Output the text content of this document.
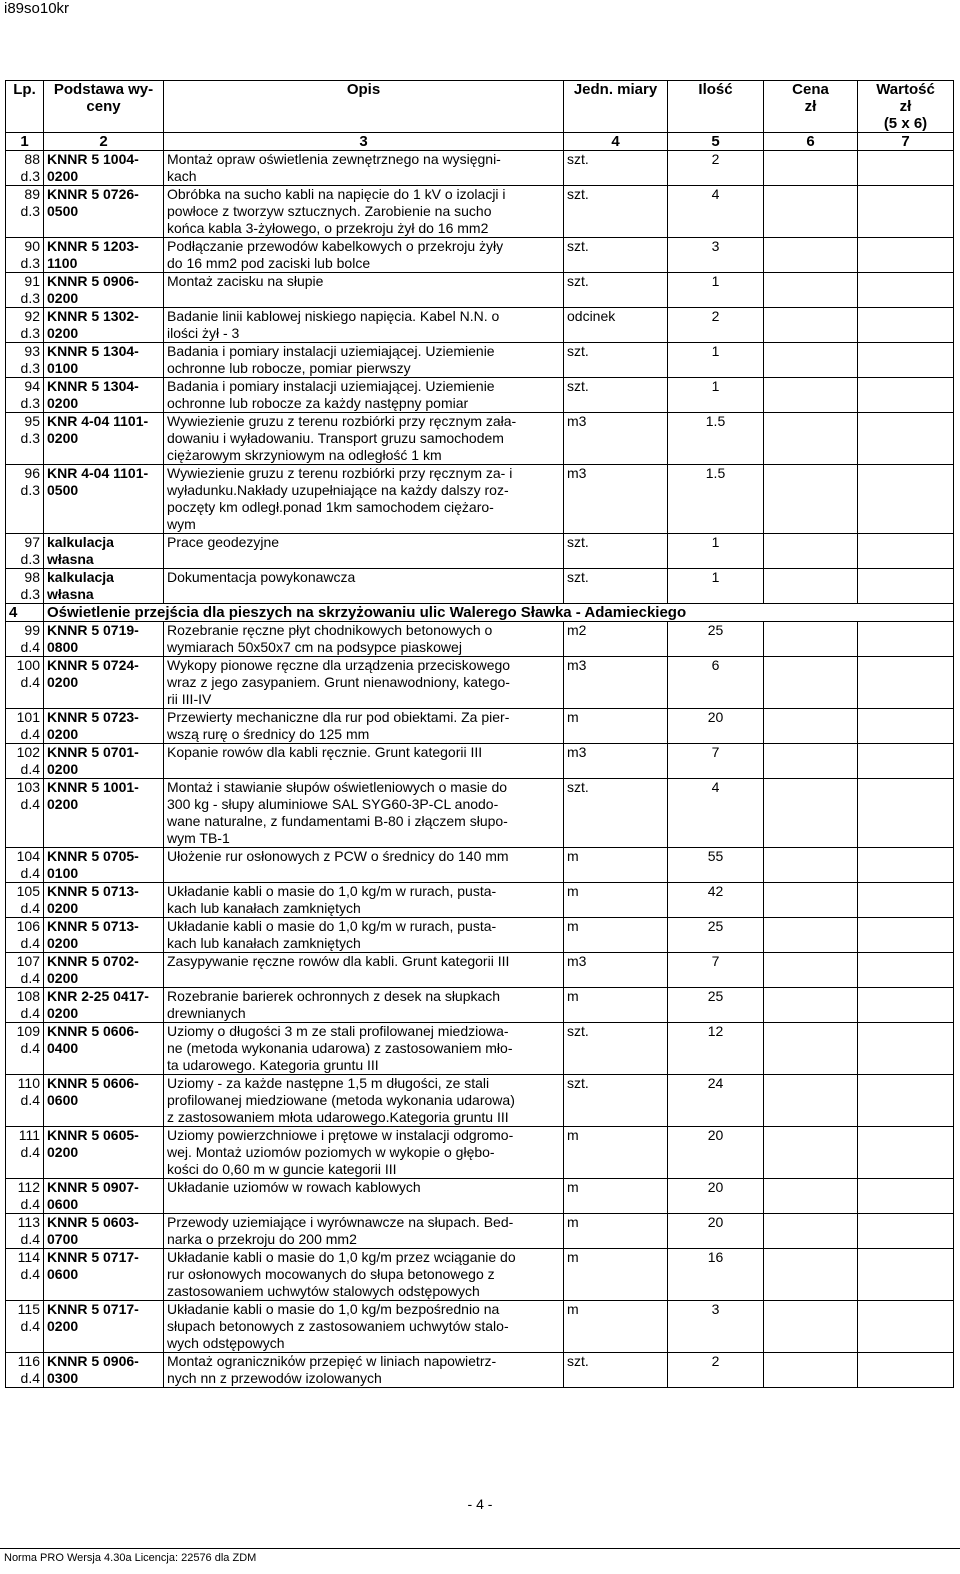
i89so10kr
Lp.	Podstawa wy-
ceny	Opis	Jedn. miary	Ilość	Cena
zł	Wartość
zł
(5 x 6)
1	2	3	4	5	6	7
88
d.3	KNNR 5 1004-
0200	Montaż opraw oświetlenia zewnętrznego na wysięgni-
kach	szt.	2		
89
d.3	KNNR 5 0726-
0500	Obróbka na sucho kabli na napięcie do 1 kV o izolacji i
powłoce z tworzyw sztucznych. Zarobienie na sucho
końca kabla 3-żyłowego, o przekroju żył do 16 mm2	szt.	4		
90
d.3	KNNR 5 1203-
1100	Podłączanie przewodów kabelkowych o przekroju żyły
do 16 mm2 pod zaciski lub bolce	szt.	3		
91
d.3	KNNR 5 0906-
0200	Montaż zacisku na słupie	szt.	1		
92
d.3	KNNR 5 1302-
0200	Badanie linii kablowej niskiego napięcia. Kabel N.N. o
ilości żył - 3	odcinek	2		
93
d.3	KNNR 5 1304-
0100	Badania i pomiary instalacji uziemiającej. Uziemienie
ochronne lub robocze, pomiar pierwszy	szt.	1		
94
d.3	KNNR 5 1304-
0200	Badania i pomiary instalacji uziemiającej. Uziemienie
ochronne lub robocze za każdy następny pomiar	szt.	1		
95
d.3	KNR 4-04 1101-
0200	Wywiezienie gruzu z terenu rozbiórki przy ręcznym zała-
dowaniu i wyładowaniu. Transport gruzu samochodem
ciężarowym skrzyniowym na odległość 1 km	m3	1.5		
96
d.3	KNR 4-04 1101-
0500	Wywiezienie gruzu z terenu rozbiórki przy ręcznym za- i
wyładunku.Nakłady uzupełniające na każdy dalszy roz-
poczęty km odległ.ponad 1km samochodem ciężaro-
wym	m3	1.5		
97
d.3	kalkulacja
własna	Prace geodezyjne	szt.	1		
98
d.3	kalkulacja
własna	Dokumentacja powykonawcza	szt.	1		
4	Oświetlenie przejścia dla pieszych na skrzyżowaniu ulic Walerego Sławka - Adamieckiego					
99
d.4	KNNR 5 0719-
0800	Rozebranie ręczne płyt chodnikowych betonowych o
wymiarach 50x50x7 cm na podsypce piaskowej	m2	25		
100
d.4	KNNR 5 0724-
0200	Wykopy pionowe ręczne dla urządzenia przeciskowego
wraz z jego zasypaniem. Grunt nienawodniony, katego-
rii III-IV	m3	6		
101
d.4	KNNR 5 0723-
0200	Przewierty mechaniczne dla rur pod obiektami. Za pier-
wszą rurę o średnicy do 125 mm	m	20		
102
d.4	KNNR 5 0701-
0200	Kopanie rowów dla kabli ręcznie. Grunt kategorii III	m3	7		
103
d.4	KNNR 5 1001-
0200	Montaż i stawianie słupów oświetleniowych o masie do
300 kg - słupy aluminiowe SAL SYG60-3P-CL anodo-
wane naturalne, z fundamentami B-80 i złączem słupo-
wym TB-1	szt.	4		
104
d.4	KNNR 5 0705-
0100	Ułożenie rur osłonowych z PCW o średnicy do 140 mm	m	55		
105
d.4	KNNR 5 0713-
0200	Układanie kabli o masie do 1,0 kg/m w rurach, pusta-
kach lub kanałach zamkniętych	m	42		
106
d.4	KNNR 5 0713-
0200	Układanie kabli o masie do 1,0 kg/m w rurach, pusta-
kach lub kanałach zamkniętych	m	25		
107
d.4	KNNR 5 0702-
0200	Zasypywanie ręczne rowów dla kabli. Grunt kategorii III	m3	7		
108
d.4	KNR 2-25 0417-
0200	Rozebranie barierek ochronnych z desek na słupkach
drewnianych	m	25		
109
d.4	KNNR 5 0606-
0400	Uziomy o długości 3 m ze stali profilowanej miedziowa-
ne (metoda wykonania udarowa) z zastosowaniem mło-
ta udarowego. Kategoria gruntu III	szt.	12		
110
d.4	KNNR 5 0606-
0600	Uziomy - za każde następne 1,5 m długości, ze stali
profilowanej miedziowane (metoda wykonania udarowa)
z zastosowaniem młota udarowego.Kategoria gruntu III	szt.	24		
111
d.4	KNNR 5 0605-
0200	Uziomy powierzchniowe i prętowe w instalacji odgromo-
wej. Montaż uziomów poziomych w wykopie o głębo-
kości do 0,60 m w guncie kategorii III	m	20		
112
d.4	KNNR 5 0907-
0600	Układanie uziomów w rowach kablowych	m	20		
113
d.4	KNNR 5 0603-
0700	Przewody uziemiające i wyrównawcze na słupach. Bed-
narka o przekroju do 200 mm2	m	20		
114
d.4	KNNR 5 0717-
0600	Układanie kabli o masie do 1,0 kg/m przez wciąganie do
rur osłonowych mocowanych do słupa betonowego z
zastosowaniem uchwytów stalowych odstępowych	m	16		
115
d.4	KNNR 5 0717-
0200	Układanie kabli o masie do 1,0 kg/m bezpośrednio na
słupach betonowych z zastosowaniem uchwytów stalo-
wych odstępowych	m	3		
116
d.4	KNNR 5 0906-
0300	Montaż ogranicznikόw przepięć w liniach napowietrz-
nych nn z przewodów izolowanych	szt.	2		

- 4 -
Norma PRO Wersja 4.30a Licencja: 22576 dla ZDM
